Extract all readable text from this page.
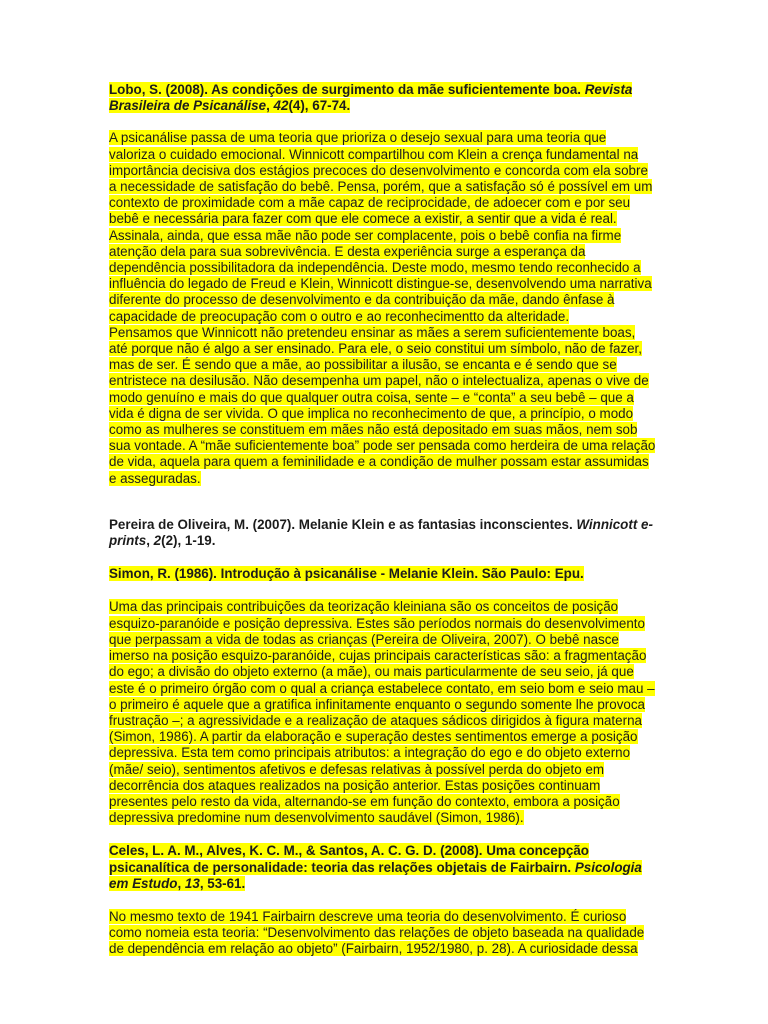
Lobo, S. (2008). As condições de surgimento da mãe suficientemente boa. Revista Brasileira de Psicanálise, 42(4), 67-74.

A psicanálise passa de uma teoria que prioriza o desejo sexual para uma teoria que valoriza o cuidado emocional. Winnicott compartilhou com Klein a crença fundamental na importância decisiva dos estágios precoces do desenvolvimento e concorda com ela sobre a necessidade de satisfação do bebê. Pensa, porém, que a satisfação só é possível em um contexto de proximidade com a mãe capaz de reciprocidade, de adoecer com e por seu bebê e necessária para fazer com que ele comece a existir, a sentir que a vida é real. Assinala, ainda, que essa mãe não pode ser complacente, pois o bebê confia na firme atenção dela para sua sobrevivência. E desta experiência surge a esperança da dependência possibilitadora da independência. Deste modo, mesmo tendo reconhecido a influência do legado de Freud e Klein, Winnicott distingue-se, desenvolvendo uma narrativa diferente do processo de desenvolvimento e da contribuição da mãe, dando ênfase à capacidade de preocupação com o outro e ao reconhecimentto da alteridade.

Pensamos que Winnicott não pretendeu ensinar as mães a serem suficientemente boas, até porque não é algo a ser ensinado. Para ele, o seio constitui um símbolo, não de fazer, mas de ser. É sendo que a mãe, ao possibilitar a ilusão, se encanta e é sendo que se entristece na desilusão. Não desempenha um papel, não o intelectualiza, apenas o vive de modo genuíno e mais do que qualquer outra coisa, sente – e “conta” a seu bebê – que a vida é digna de ser vivida. O que implica no reconhecimento de que, a princípio, o modo como as mulheres se constituem em mães não está depositado em suas mãos, nem sob sua vontade. A “mãe suficientemente boa” pode ser pensada como herdeira de uma relação de vida, aquela para quem a feminilidade e a condição de mulher possam estar assumidas e asseguradas.

Pereira de Oliveira, M. (2007). Melanie Klein e as fantasias inconscientes. Winnicott e-prints, 2(2), 1-19.

Simon, R. (1986). Introdução à psicanálise - Melanie Klein. São Paulo: Epu.

Uma das principais contribuições da teorização kleiniana são os conceitos de posição esquizo-paranóide e posição depressiva. Estes são períodos normais do desenvolvimento que perpassam a vida de todas as crianças (Pereira de Oliveira, 2007). O bebê nasce imerso na posição esquizo-paranóide, cujas principais características são: a fragmentação do ego; a divisão do objeto externo (a mãe), ou mais particularmente de seu seio, já que este é o primeiro órgão com o qual a criança estabelece contato, em seio bom e seio mau – o primeiro é aquele que a gratifica infinitamente enquanto o segundo somente lhe provoca frustração –; a agressividade e a realização de ataques sádicos dirigidos à figura materna (Simon, 1986). A partir da elaboração e superação destes sentimentos emerge a posição depressiva. Esta tem como principais atributos: a integração do ego e do objeto externo (mãe/ seio), sentimentos afetivos e defesas relativas à possível perda do objeto em decorrência dos ataques realizados na posição anterior. Estas posições continuam presentes pelo resto da vida, alternando-se em função do contexto, embora a posição depressiva predomine num desenvolvimento saudável (Simon, 1986).

Celes, L. A. M., Alves, K. C. M., & Santos, A. C. G. D. (2008). Uma concepção psicanalítica de personalidade: teoria das relações objetais de Fairbairn. Psicologia em Estudo, 13, 53-61.

No mesmo texto de 1941 Fairbairn descreve uma teoria do desenvolvimento. É curioso como nomeia esta teoria: “Desenvolvimento das relações de objeto baseada na qualidade de dependência em relação ao objeto” (Fairbairn, 1952/1980, p. 28). A curiosidade dessa
